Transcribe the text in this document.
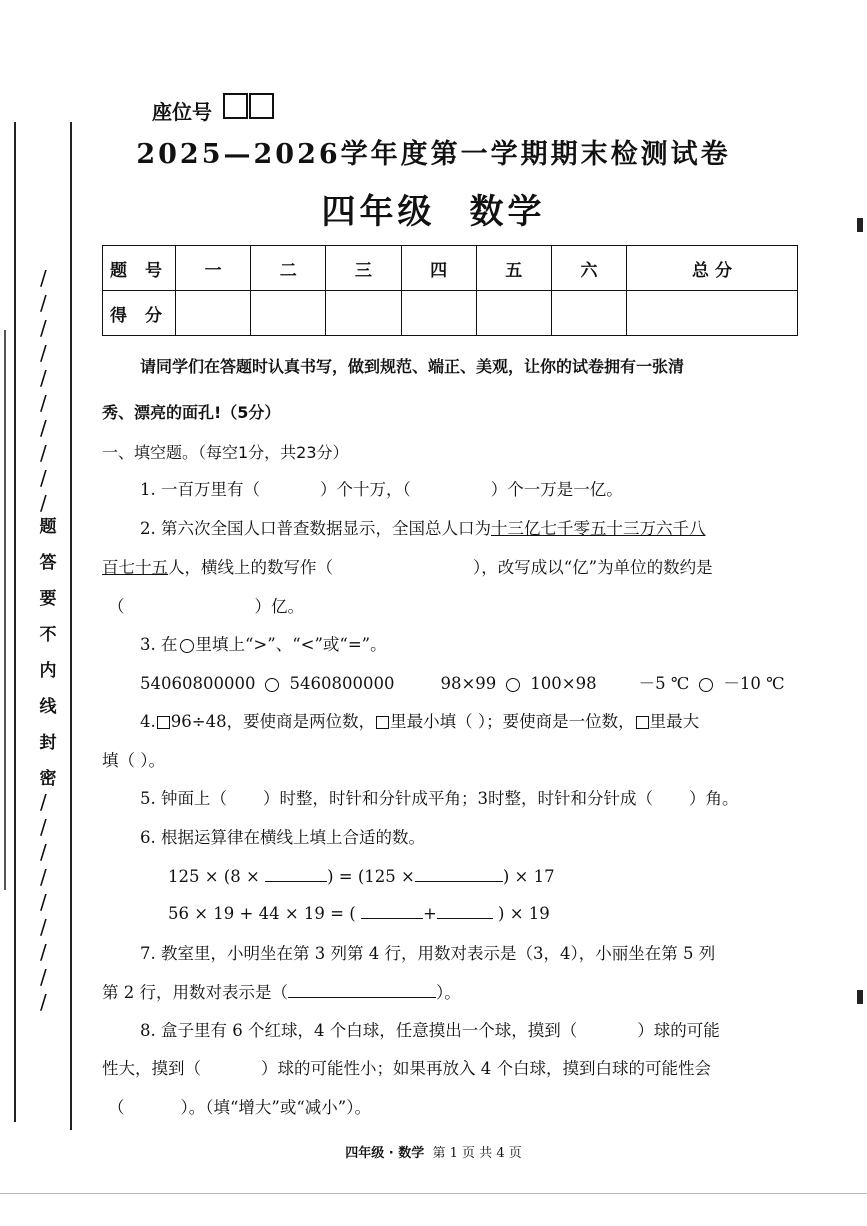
座位号
2025—2026学年度第一学期期末检测试卷
四年级 数学
题 号	一	二	三	四	五	六	总 分
得 分							
请同学们在答题时认真书写，做到规范、端正、美观，让你的试卷拥有一张清
秀、漂亮的面孔!（5分）
一、填空题。（每空1分，共23分）
1. 一百万里有（	）个十万，（	）个一万是一亿。
2. 第六次全国人口普查数据显示，全国总人口为十三亿七千零五十三万六千八
百七十五人，横线上的数写作（	），改写成以“亿”为单位的数约是
（	）亿。
3. 在 里填上“>”、“<”或“=”。
54060800000 5460800000	98×99 100×98	－5 ℃ －10 ℃
4. 96÷48，要使商是两位数， 里最小填（ ）；要使商是一位数， 里最大
填（ ）。
5. 钟面上（ ）时整，时针和分针成平角；3时整，时针和分针成（ ）角。
6. 根据运算律在横线上填上合适的数。
125 × (8 ×	) = (125 ×	) × 17
56 × 19 + 44 × 19 = (	+	) × 19
7. 教室里，小明坐在第 3 列第 4 行，用数对表示是（3，4），小丽坐在第 5 列
第 2 行，用数对表示是（	）。
8. 盒子里有 6 个红球，4 个白球，任意摸出一个球，摸到（	）球的可能
性大，摸到（	）球的可能性小；如果再放入 4 个白球，摸到白球的可能性会
（	）。（填“增大”或“减小”）。
/
/
/
/
/
/
/
/
/
/
题
答
要
不
内
线
封
密
/
/
/
/
/
/
/
/
/
四年级 · 数学 第 1 页 共 4 页
